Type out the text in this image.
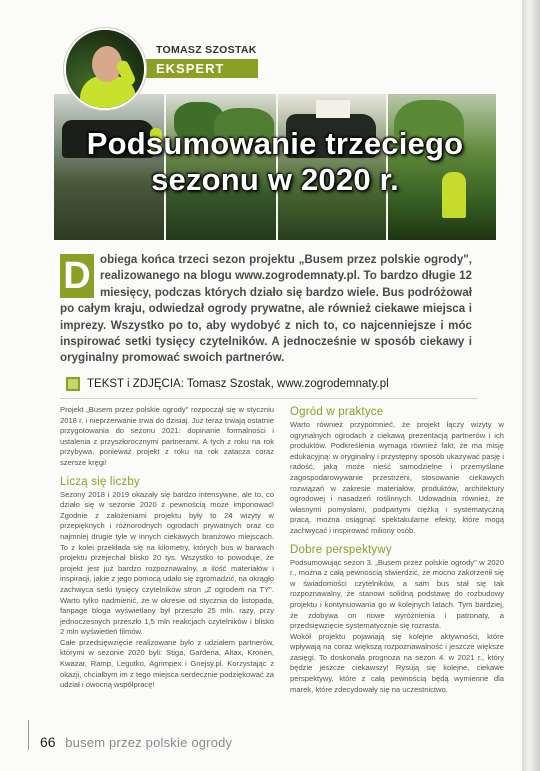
TOMASZ SZOSTAK
EKSPERT
Podsumowanie trzeciego
sezonu w 2020 r.
D obiega końca trzeci sezon projektu „Busem przez polskie ogrody", realizowanego na blogu www.zogrodemnaty.pl. To bardzo długie 12 miesięcy, podczas których działo się bardzo wiele. Bus podróżował po całym kraju, odwiedzał ogrody prywatne, ale również ciekawe miejsca i imprezy. Wszystko po to, aby wydobyć z nich to, co najcenniejsze i móc inspirować setki tysięcy czytelników. A jednocześnie w sposób ciekawy i oryginalny promować swoich partnerów.
TEKST i ZDJĘCIA: Tomasz Szostak, www.zogrodemnaty.pl

Projekt „Busem przez polskie ogrody" rozpoczął się w styczniu 2018 r. i nieprzerwanie trwa do dzisiaj. Już teraz trwają ostatnie przygotowania do sezonu 2021: dopinanie formalności i ustalenia z przyszłorocznymi partnerami. A tych z roku na rok przybywa, ponieważ projekt z roku na rok zatacza coraz szersze kręgi!

Liczą się liczby

Sezony 2018 i 2019 okazały się bardzo intensywne, ale to, co działo się w sezonie 2020 z pewnością może imponować! Zgodnie z założeniami projektu były to 24 wizyty w przepięknych i różnorodnych ogrodach prywatnych oraz co najmniej drugie tyle w innych ciekawych branżowo miejscach. To z kolei przekłada się na kilometry, których bus w barwach projektu przejechał blisko 20 tys. Wszystko to powoduje, że projekt jest już bardzo rozpoznawalny, a ilość materiałów i inspiracji, jakie z jego pomocą udało się zgromadzić, na okrągło zachwyca setki tysięcy czytelników stron „Z ogrodem na TY". Warto tylko nadmienić, że w okresie od stycznia do listopada, fanpage bloga wyświetlany był przeszło 25 mln. razy, przy jednoczesnych przeszło 1,5 mln reakcjach czytelników i blisko 2 mln wyświetleń filmów.

Całe przedsięwzięcie realizowane było z udziałem partnerów, którymi w sezonie 2020 byli: Stiga, Gardena, Altax, Kronen, Kwazar, Ramp, Legutko, Agrimpex i Gnejsy.pl. Korzystając z okazji, chciałbym im z tego miejsca serdecznie podziękować za udział i owocną współpracę!

Ogród w praktyce

Warto również przypomnieć, że projekt łączy wizyty w ogrynalnych ogrodach z ciekawą prezentacją partnerów i ich produktów. Podkreślenia wymaga również fakt, że ma misję edukacyjną: w oryginalny i przystępny sposób ukazywać pasję i radość, jaką może nieść samodzielne i przemyślane zagospodarowywanie przestrzeni, stosowanie ciekawych rozwiązań w zakresie materiałów, produktów, architektury ogrodowej i nasadzeń roślinnych. Udowadnia również, że własnymi pomysłami, podpartymi ciężką i systematyczną pracą, można osiągnąć spektakularne efekty, które mogą zachwycać i inspirować miliony osób.

Dobre perspektywy

Podsumowując sezon 3. „Busem przez polskie ogrody" w 2020 r., można z całą pewnością stwierdzić, że mocno zakorzenił się w świadomości czytelników, a sam bus stał się tak rozpoznawalny, że stanowi solidną podstawę do rozbudowy projektu i kontynuowania go w kolejnych latach. Tym bardziej, że zdobywa on nowe wyróżnienia i patronaty, a przedsięwzięcie systematycznie się rozrasta.

Wokół projektu pojawiają się kolejne aktywności, które wpływają na coraz większą rozpoznawalność i jeszcze większe zasięgi. To doskonała prognoza na sezon 4. w 2021 r., który będzie jeszcze ciekawszy! Rysują się kolejne, ciekawe perspektywy, które z całą pewnością będą wymienne dla marek, które zdecydowały się na uczestnictwo.

66 busem przez polskie ogrody
